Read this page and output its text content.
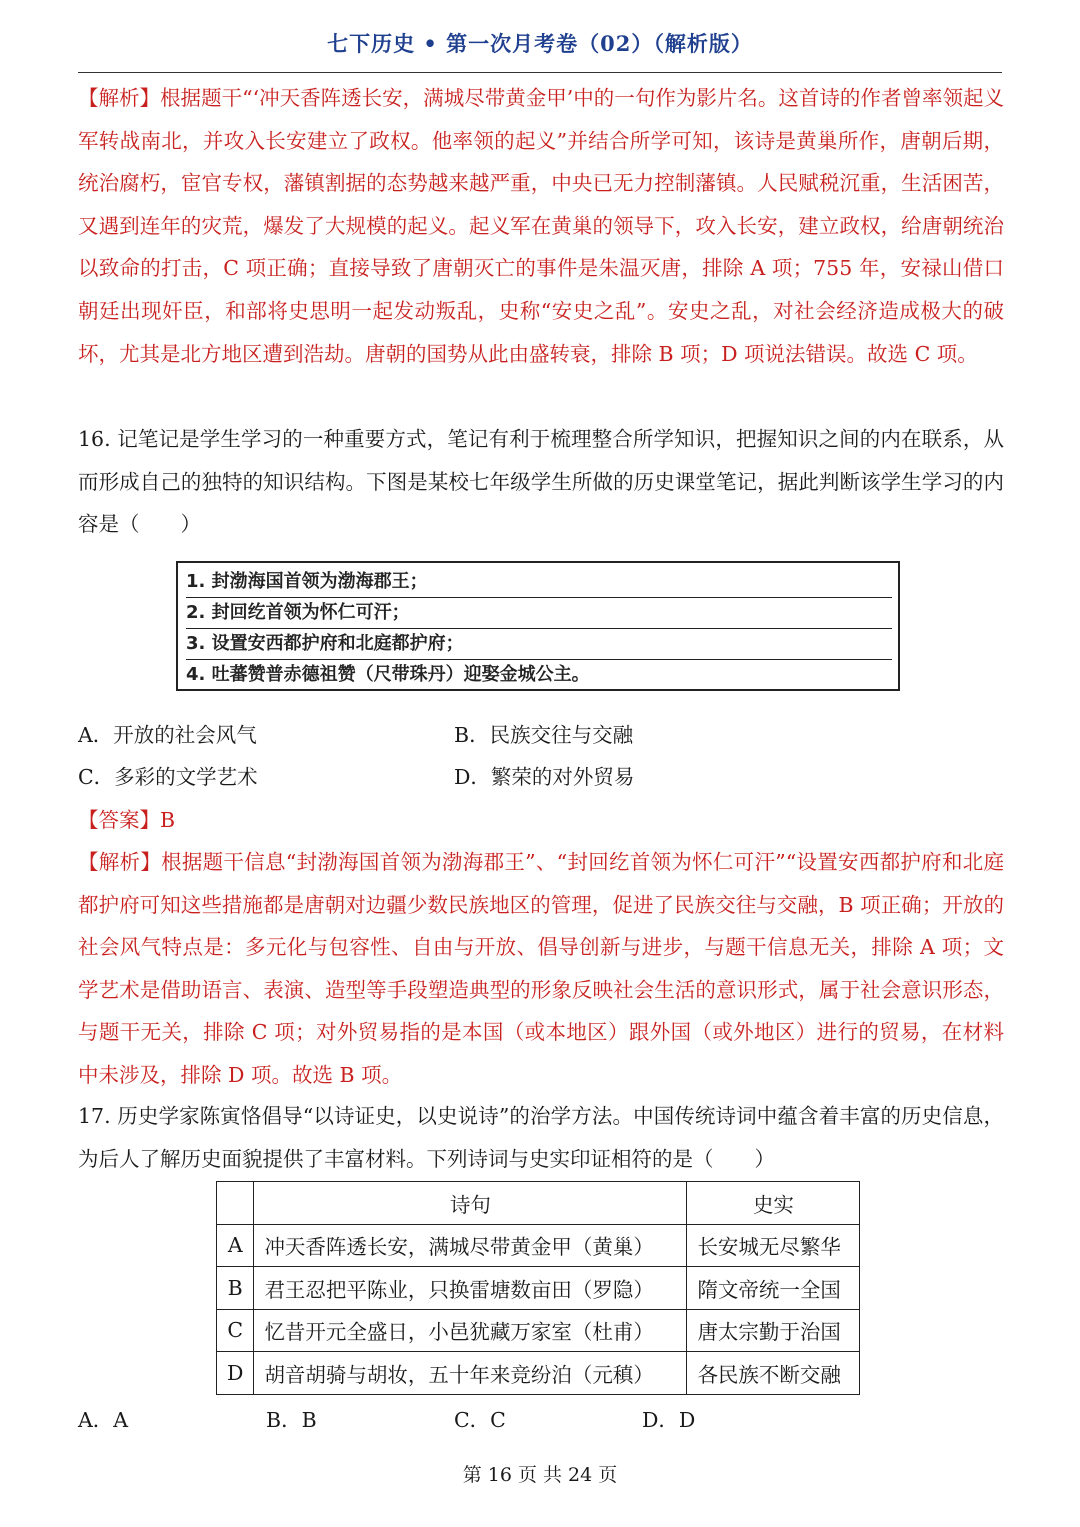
七下历史 • 第一次月考卷（02）（解析版）

【解析】根据题干“‘冲天香阵透长安，满城尽带黄金甲’中的一句作为影片名。这首诗的作者曾率领起义军转战南北，并攻入长安建立了政权。他率领的起义”并结合所学可知，该诗是黄巢所作，唐朝后期，统治腐朽，宦官专权，藩镇割据的态势越来越严重，中央已无力控制藩镇。人民赋税沉重，生活困苦，又遇到连年的灾荒，爆发了大规模的起义。起义军在黄巢的领导下，攻入长安，建立政权，给唐朝统治以致命的打击，C 项正确；直接导致了唐朝灭亡的事件是朱温灭唐，排除 A 项；755 年，安禄山借口朝廷出现奸臣，和部将史思明一起发动叛乱，史称“安史之乱”。安史之乱，对社会经济造成极大的破坏，尤其是北方地区遭到浩劫。唐朝的国势从此由盛转衰，排除 B 项；D 项说法错误。故选 C 项。

16. 记笔记是学生学习的一种重要方式，笔记有利于梳理整合所学知识，把握知识之间的内在联系，从而形成自己的独特的知识结构。下图是某校七年级学生所做的历史课堂笔记，据此判断该学生学习的内容是（　　）

1. 封渤海国首领为渤海郡王；
2. 封回纥首领为怀仁可汗；
3. 设置安西都护府和北庭都护府；
4. 吐蕃赞普赤德祖赞（尺带珠丹）迎娶金城公主。
A．开放的社会风气	B．民族交往与交融
C．多彩的文学艺术	D．繁荣的对外贸易
【答案】B

【解析】根据题干信息“封渤海国首领为渤海郡王”、“封回纥首领为怀仁可汗”“设置安西都护府和北庭都护府可知这些措施都是唐朝对边疆少数民族地区的管理，促进了民族交往与交融，B 项正确；开放的社会风气特点是：多元化与包容性、自由与开放、倡导创新与进步，与题干信息无关，排除 A 项；文学艺术是借助语言、表演、造型等手段塑造典型的形象反映社会生活的意识形式，属于社会意识形态，与题干无关，排除 C 项；对外贸易指的是本国（或本地区）跟外国（或外地区）进行的贸易，在材料中未涉及，排除 D 项。故选 B 项。

17. 历史学家陈寅恪倡导“以诗证史，以史说诗”的治学方法。中国传统诗词中蕴含着丰富的历史信息，为后人了解历史面貌提供了丰富材料。下列诗词与史实印证相符的是（　　）

	诗句	史实
A	冲天香阵透长安，满城尽带黄金甲（黄巢）	长安城无尽繁华
B	君王忍把平陈业，只换雷塘数亩田（罗隐）	隋文帝统一全国
C	忆昔开元全盛日，小邑犹藏万家室（杜甫）	唐太宗勤于治国
D	胡音胡骑与胡妆，五十年来竞纷泊（元稹）	各民族不断交融
A．A	B．B	C．C	D．D
第 16 页 共 24 页
